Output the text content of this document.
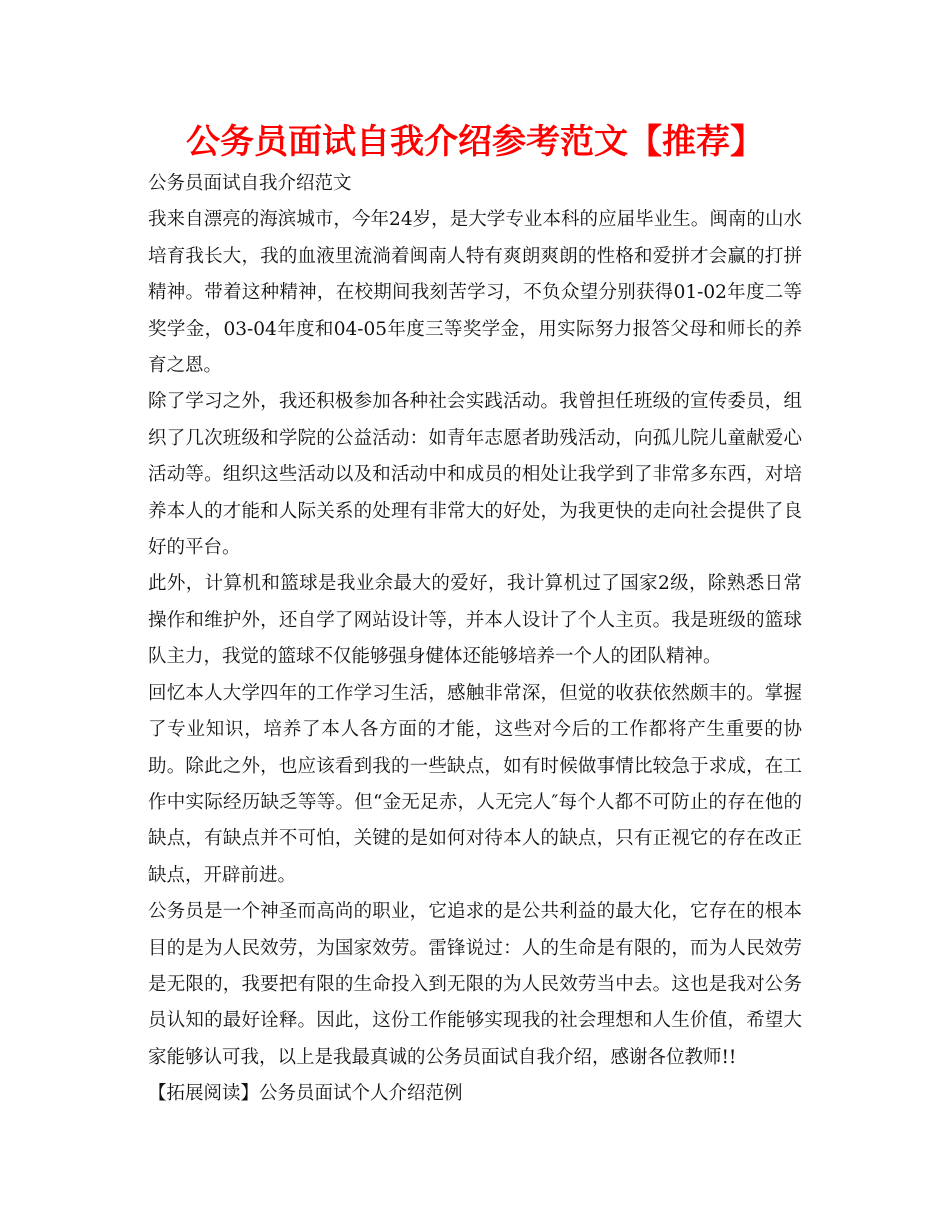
公务员面试自我介绍参考范文【推荐】

公务员面试自我介绍范文

我来自漂亮的海滨城市，今年24岁，是大学专业本科的应届毕业生。闽南的山水培育我长大，我的血液里流淌着闽南人特有爽朗爽朗的性格和爱拼才会赢的打拼精神。带着这种精神，在校期间我刻苦学习，不负众望分别获得01-02年度二等奖学金，03-04年度和04-05年度三等奖学金，用实际努力报答父母和师长的养育之恩。

除了学习之外，我还积极参加各种社会实践活动。我曾担任班级的宣传委员，组织了几次班级和学院的公益活动：如青年志愿者助残活动，向孤儿院儿童献爱心活动等。组织这些活动以及和活动中和成员的相处让我学到了非常多东西，对培养本人的才能和人际关系的处理有非常大的好处，为我更快的走向社会提供了良好的平台。

此外，计算机和篮球是我业余最大的爱好，我计算机过了国家2级，除熟悉日常操作和维护外，还自学了网站设计等，并本人设计了个人主页。我是班级的篮球队主力，我觉的篮球不仅能够强身健体还能够培养一个人的团队精神。

回忆本人大学四年的工作学习生活，感触非常深，但觉的收获依然颇丰的。掌握了专业知识，培养了本人各方面的才能，这些对今后的工作都将产生重要的协助。除此之外，也应该看到我的一些缺点，如有时候做事情比较急于求成，在工作中实际经历缺乏等等。但“金无足赤，人无完人″每个人都不可防止的存在他的缺点，有缺点并不可怕，关键的是如何对待本人的缺点，只有正视它的存在改正缺点，开辟前进。

公务员是一个神圣而高尚的职业，它追求的是公共利益的最大化，它存在的根本目的是为人民效劳，为国家效劳。雷锋说过：人的生命是有限的，而为人民效劳是无限的，我要把有限的生命投入到无限的为人民效劳当中去。这也是我对公务员认知的最好诠释。因此，这份工作能够实现我的社会理想和人生价值，希望大家能够认可我，以上是我最真诚的公务员面试自我介绍，感谢各位教师!!

【拓展阅读】公务员面试个人介绍范例
